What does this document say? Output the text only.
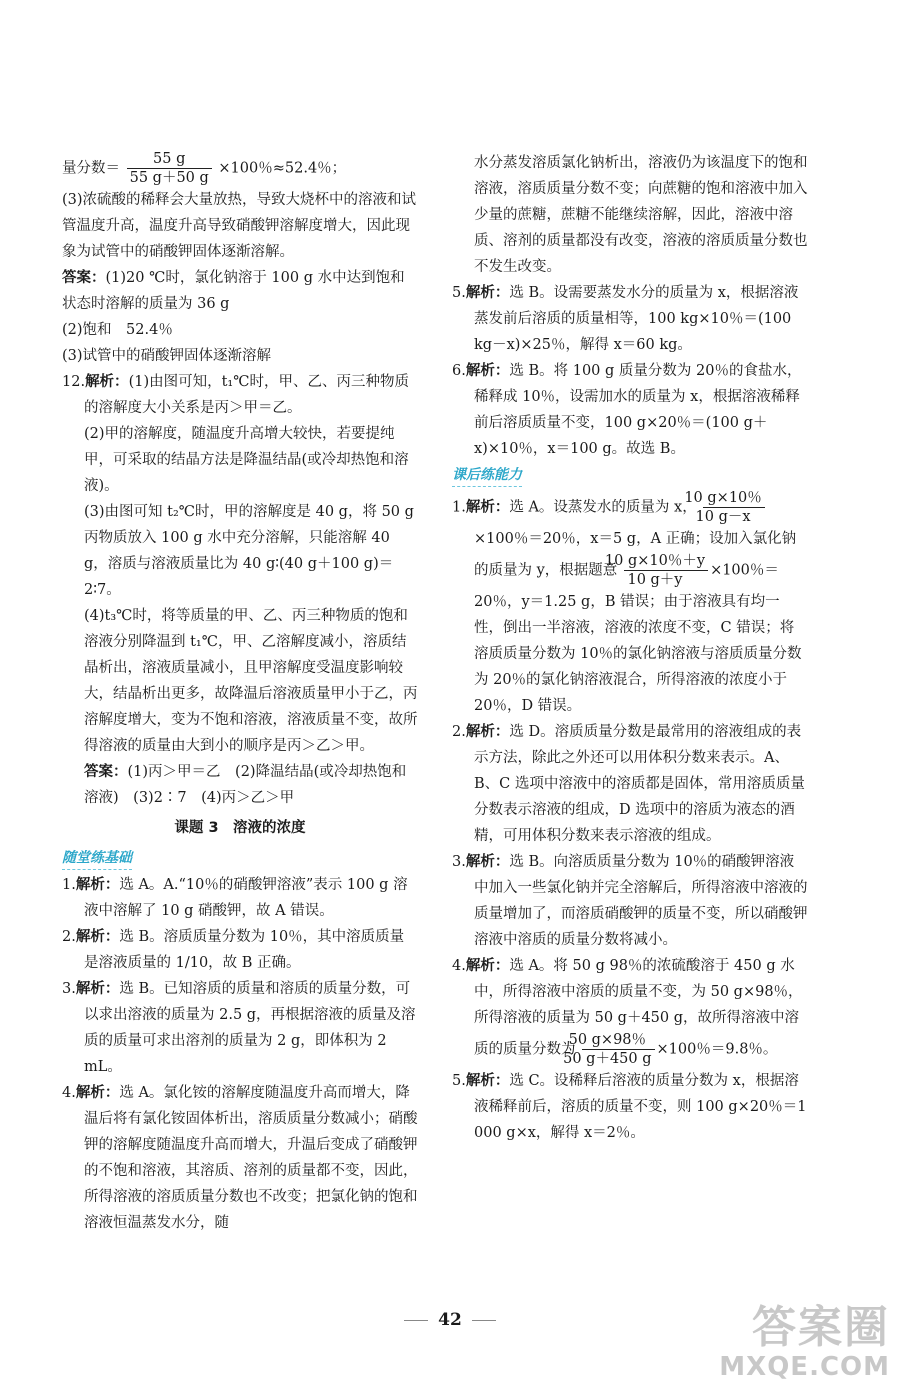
量分数＝ $\frac{55 g}{55 g+50 g} \times 100$％≈52.4％；

(3)浓硫酸的稀释会大量放热，导致大烧杯中的溶液和试管温度升高，温度升高导致硝酸钾溶解度增大，因此现象为试管中的硝酸钾固体逐渐溶解。

答案：(1)20 ℃时，氯化钠溶于 100 g 水中达到饱和状态时溶解的质量为 36 g

(2)饱和　52.4％

(3)试管中的硝酸钾固体逐渐溶解

12.解析：(1)由图可知，t₁℃时，甲、乙、丙三种物质的溶解度大小关系是丙＞甲＝乙。

(2)甲的溶解度，随温度升高增大较快，若要提纯甲，可采取的结晶方法是降温结晶(或冷却热饱和溶液)。

(3)由图可知 t₂℃时，甲的溶解度是 40 g，将 50 g 丙物质放入 100 g 水中充分溶解，只能溶解 40 g，溶质与溶液质量比为 40 g∶(40 g＋100 g)＝2∶7。

(4)t₃℃时，将等质量的甲、乙、丙三种物质的饱和溶液分别降温到 t₁℃，甲、乙溶解度减小，溶质结晶析出，溶液质量减小，且甲溶解度受温度影响较大，结晶析出更多，故降温后溶液质量甲小于乙，丙溶解度增大，变为不饱和溶液，溶液质量不变，故所得溶液的质量由大到小的顺序是丙＞乙＞甲。

答案：(1)丙＞甲＝乙　(2)降温结晶(或冷却热饱和溶液)　(3)2∶7　(4)丙＞乙＞甲

课题 3　溶液的浓度
随堂练基础

1.解析：选 A。A.“10％的硝酸钾溶液”表示 100 g 溶液中溶解了 10 g 硝酸钾，故 A 错误。

2.解析：选 B。溶质质量分数为 10％，其中溶质质量是溶液质量的 1/10，故 B 正确。

3.解析：选 B。已知溶质的质量和溶质的质量分数，可以求出溶液的质量为 2.5 g，再根据溶液的质量及溶质的质量可求出溶剂的质量为 2 g，即体积为 2 mL。

4.解析：选 A。氯化铵的溶解度随温度升高而增大，降温后将有氯化铵固体析出，溶质质量分数减小；硝酸钾的溶解度随温度升高而增大，升温后变成了硝酸钾的不饱和溶液，其溶质、溶剂的质量都不变，因此，所得溶液的溶质质量分数也不改变；把氯化钠的饱和溶液恒温蒸发水分，随

水分蒸发溶质氯化钠析出，溶液仍为该温度下的饱和溶液，溶质质量分数不变；向蔗糖的饱和溶液中加入少量的蔗糖，蔗糖不能继续溶解，因此，溶液中溶质、溶剂的质量都没有改变，溶液的溶质质量分数也不发生改变。

5.解析：选 B。设需要蒸发水分的质量为 x，根据溶液蒸发前后溶质的质量相等，100 kg×10％＝(100 kg－x)×25％，解得 x＝60 kg。

6.解析：选 B。将 100 g 质量分数为 20％的食盐水，稀释成 10％，设需加水的质量为 x，根据溶液稀释前后溶质质量不变，100 g×20％＝(100 g＋x)×10％，x＝100 g。故选 B。

课后练能力

1.解析：选 A。设蒸发水的质量为 x， $\frac{10 g\times 10\%}{10 g-x}$
×100％＝20％，x＝5 g，A 正确；设加入氯化钠的质量为 y，根据题意 $\frac{10 g\times 10\%+y}{10 g+y} \times 100$％＝20％，y＝1.25 g，B 错误；由于溶液具有均一性，倒出一半溶液，溶液的浓度不变，C 错误；将溶质质量分数为 10％的氯化钠溶液与溶质质量分数为 20％的氯化钠溶液混合，所得溶液的浓度小于 20％，D 错误。

2.解析：选 D。溶质质量分数是最常用的溶液组成的表示方法，除此之外还可以用体积分数来表示。A、B、C 选项中溶液中的溶质都是固体，常用溶质质量分数表示溶液的组成，D 选项中的溶质为液态的酒精，可用体积分数来表示溶液的组成。

3.解析：选 B。向溶质质量分数为 10％的硝酸钾溶液中加入一些氯化钠并完全溶解后，所得溶液中溶液的质量增加了，而溶质硝酸钾的质量不变，所以硝酸钾溶液中溶质的质量分数将减小。

4.解析：选 A。将 50 g 98％的浓硫酸溶于 450 g 水中，所得溶液中溶质的质量不变，为 50 g×98％，所得溶液的质量为 50 g＋450 g，故所得溶液中溶质的质量分数为 $\frac{50 g\times 98\%}{50 g+450 g} \times 100$％＝9.8％。

5.解析：选 C。设稀释后溶液的质量分数为 x，根据溶液稀释前后，溶质的质量不变，则 100 g×20％＝1 000 g×x，解得 x＝2％。

42	答案圈
MXQE.COM
